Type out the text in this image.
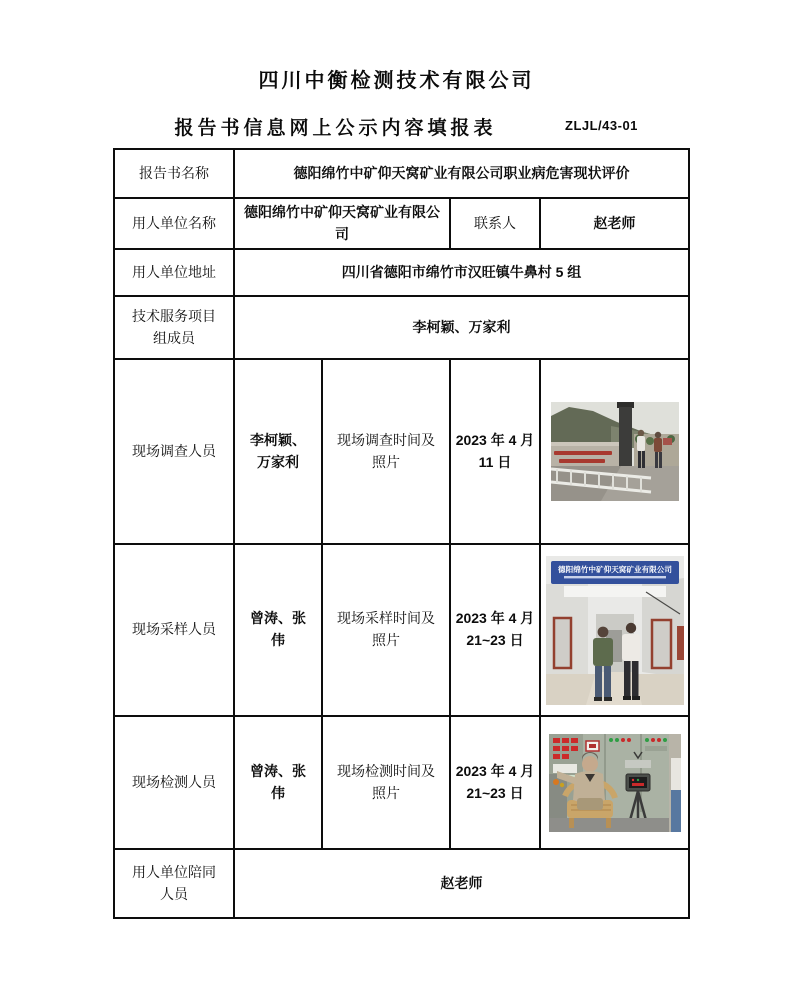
四川中衡检测技术有限公司
报告书信息网上公示内容填报表	ZLJL/43-01
报告书名称	德阳绵竹中矿仰天窝矿业有限公司职业病危害现状评价			
用人单位名称	德阳绵竹中矿仰天窝矿业有限公司		联系人	赵老师
用人单位地址	四川省德阳市绵竹市汉旺镇牛鼻村 5 组			
技术服务项目组成员	李柯颖、万家利			
现场调查人员	李柯颖、万家利	现场调查时间及照片	2023 年 4 月 11 日	

现场采样人员	曾涛、张伟	现场采样时间及照片	2023 年 4 月 21~23 日	德阳绵竹中矿仰天窝矿业有限公司

现场检测人员	曾涛、张伟	现场检测时间及照片	2023 年 4 月 21~23 日	

用人单位陪同人员	赵老师			
